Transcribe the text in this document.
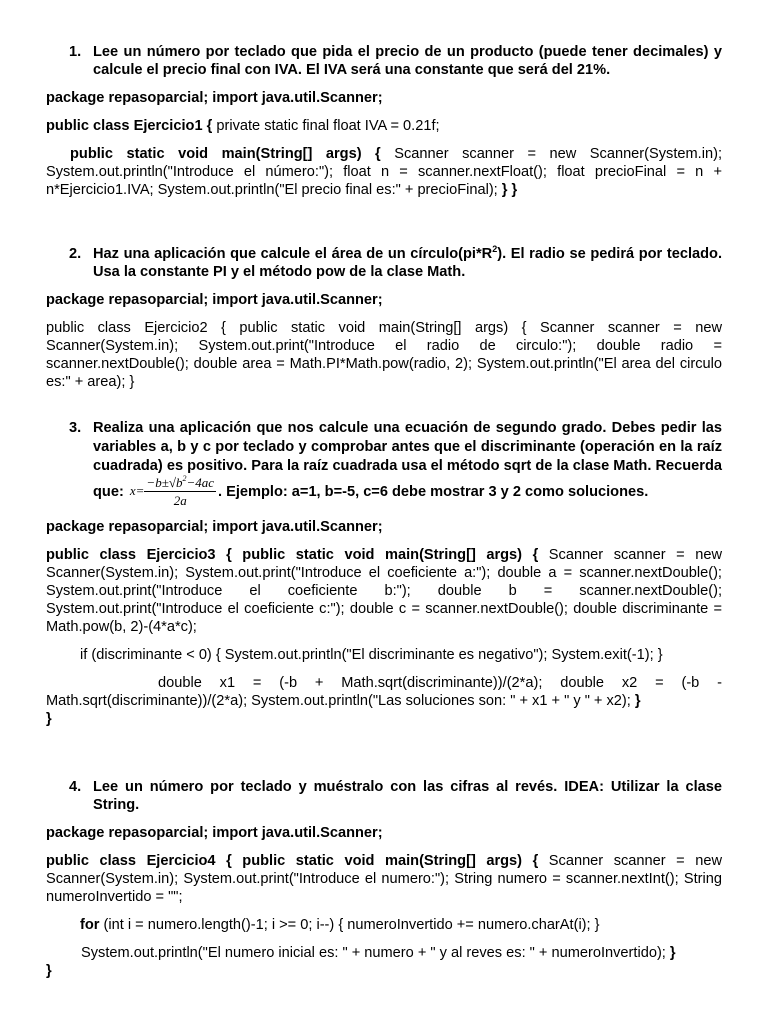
1. Lee un número por teclado que pida el precio de un producto (puede tener decimales) y calcule el precio final con IVA. El IVA será una constante que será del 21%.
package repasoparcial; import java.util.Scanner;
public class Ejercicio1 { private static final float IVA = 0.21f;
public static void main(String[] args) { Scanner scanner = new Scanner(System.in); System.out.println("Introduce el número:"); float n = scanner.nextFloat(); float precioFinal = n + n*Ejercicio1.IVA; System.out.println("El precio final es:" + precioFinal); } }
2. Haz una aplicación que calcule el área de un $círculo(pi*R^2)$. El radio se pedirá por teclado. Usa la constante PI y el método pow de la clase Math.
package repasoparcial; import java.util.Scanner;
public class Ejercicio2 { public static void main(String[] args) { Scanner scanner = new Scanner(System.in); System.out.print("Introduce el radio de circulo:"); double radio = scanner.nextDouble(); double area = Math.PI*Math.pow(radio, 2); System.out.println("El area del circulo es:" + area); }
3. Realiza una aplicación que nos calcule una ecuación de segundo grado. Debes pedir las variables a, b y c por teclado y comprobar antes que el discriminante (operación en la raíz cuadrada) es positivo. Para la raíz cuadrada usa el método sqrt de la clase Math. Recuerda que: $x= \frac{-b\pm√b^2-4ac}{2a}$ . Ejemplo: a=1, b=-5, c=6 debe mostrar 3 y 2 como soluciones.
package repasoparcial; import java.util.Scanner;
public class Ejercicio3 { public static void main(String[] args) { Scanner scanner = new Scanner(System.in); System.out.print("Introduce el coeficiente a:"); double a = scanner.nextDouble(); System.out.print("Introduce el coeficiente b:"); double b = scanner.nextDouble(); System.out.print("Introduce el coeficiente c:"); double c = scanner.nextDouble(); double discriminante = Math.pow(b, 2)-(4*a*c);
if (discriminante < 0) { System.out.println("El discriminante es negativo"); System.exit(-1); }
double x1 = (-b + Math.sqrt(discriminante))/(2*a); double x2 = (-b - Math.sqrt(discriminante))/(2*a); System.out.println("Las soluciones son: " + x1 + " y " + x2); }
}
4. Lee un número por teclado y muéstralo con las cifras al revés. IDEA: Utilizar la clase String.
package repasoparcial; import java.util.Scanner;
public class Ejercicio4 { public static void main(String[] args) { Scanner scanner = new Scanner(System.in); System.out.print("Introduce el numero:"); String numero = scanner.nextInt(); String numeroInvertido = "";
for (int i = numero.length()-1; i >= 0; i--) { numeroInvertido += numero.charAt(i); }
System.out.println("El numero inicial es: " + numero + " y al reves es: " + numeroInvertido); }
}
